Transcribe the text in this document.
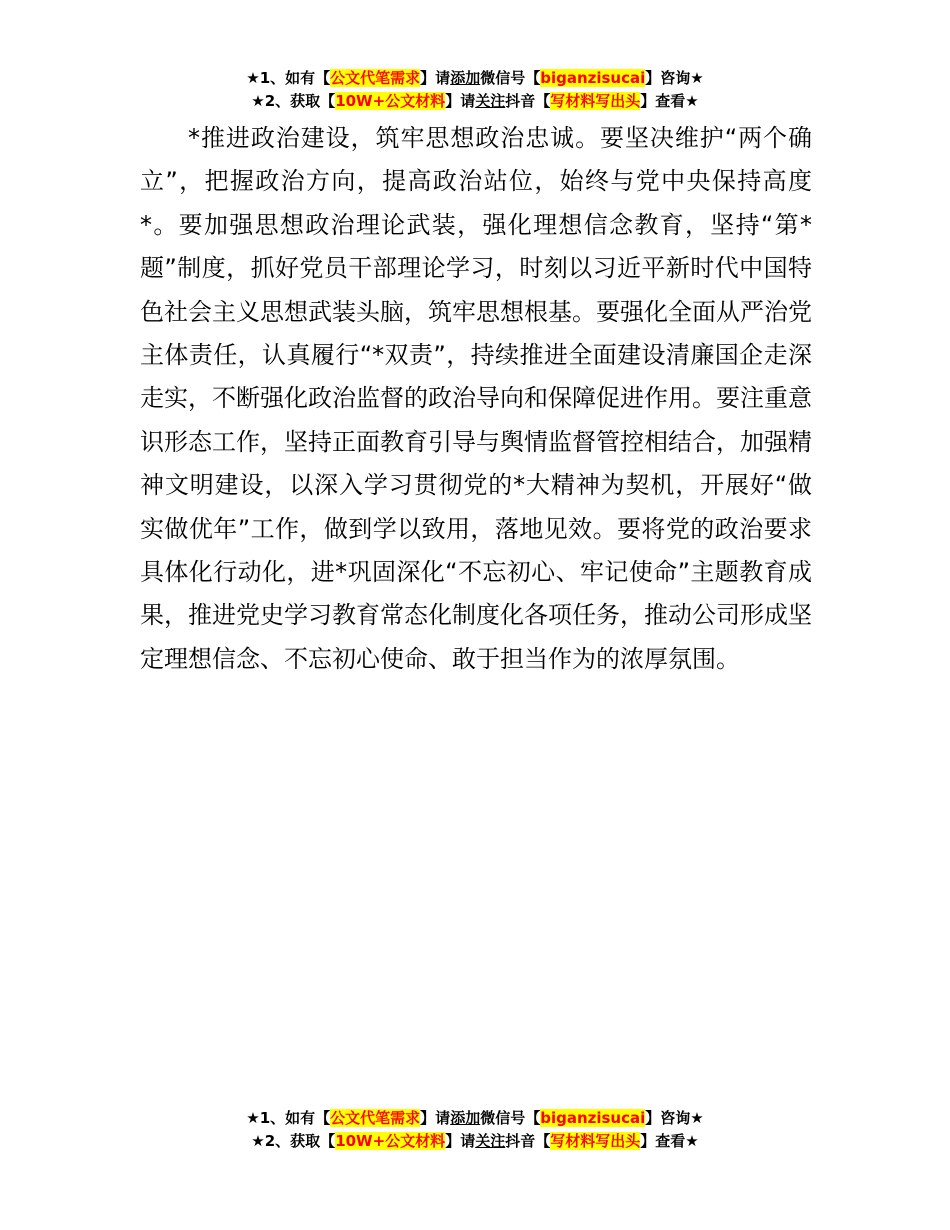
★1、如有【公文代笔需求】请添加微信号【biganzisucai】咨询★
★2、获取【10W+公文材料】请关注抖音【写材料写出头】查看★

*推进政治建设，筑牢思想政治忠诚。要坚决维护“两个确立”，把握政治方向，提高政治站位，始终与党中央保持高度*。要加强思想政治理论武装，强化理想信念教育，坚持“第*题”制度，抓好党员干部理论学习，时刻以习近平新时代中国特色社会主义思想武装头脑，筑牢思想根基。要强化全面从严治党主体责任，认真履行“*双责”，持续推进全面建设清廉国企走深走实，不断强化政治监督的政治导向和保障促进作用。要注重意识形态工作，坚持正面教育引导与舆情监督管控相结合，加强精神文明建设，以深入学习贯彻党的*大精神为契机，开展好“做实做优年”工作，做到学以致用，落地见效。要将党的政治要求具体化行动化，进*巩固深化“不忘初心、牢记使命”主题教育成果，推进党史学习教育常态化制度化各项任务，推动公司形成坚定理想信念、不忘初心使命、敢于担当作为的浓厚氛围。

★1、如有【公文代笔需求】请添加微信号【biganzisucai】咨询★
★2、获取【10W+公文材料】请关注抖音【写材料写出头】查看★
